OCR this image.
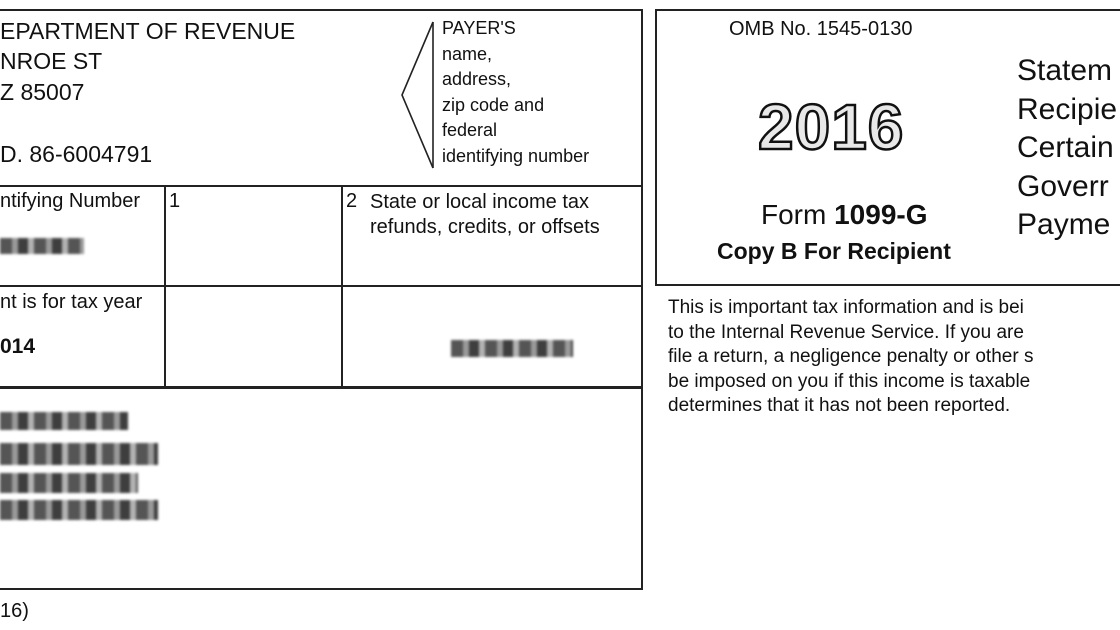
EPARTMENT OF REVENUE
NROE ST
Z 85007
D. 86-6004791
PAYER'S
name,
address,
zip code and
federal
identifying number
ntifying Number 1	2 State or local income tax
refunds, credits, or offsets
nt is for tax year
014
16)
OMB No. 1545-0130
2016
Form 1099-G
Copy B For Recipient
Statem
Recipie
Certain
Goverr
Payme
This is important tax information and is bei
to the Internal Revenue Service. If you are
file a return, a negligence penalty or other s
be imposed on you if this income is taxable
determines that it has not been reported.
